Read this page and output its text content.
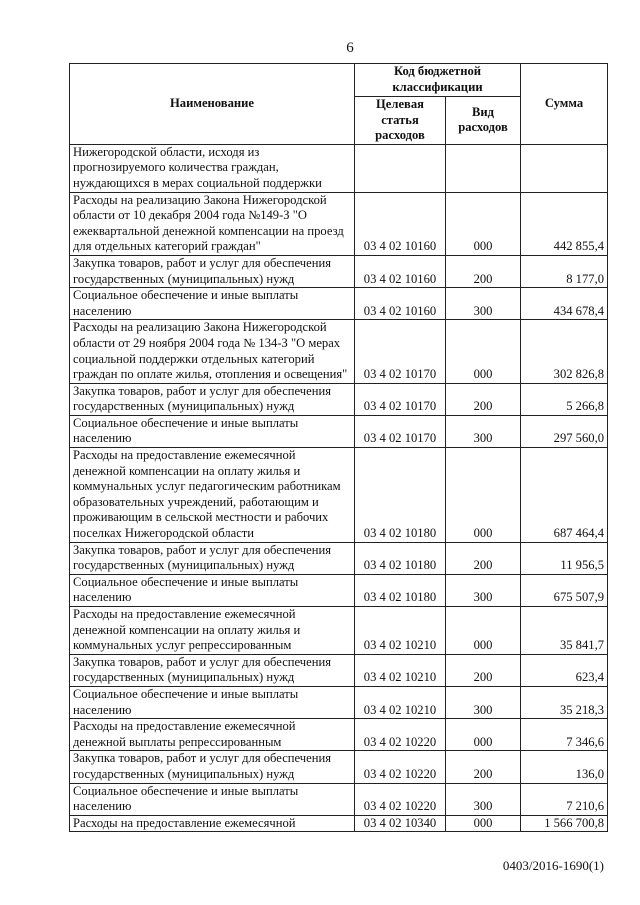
6
Наименование	Код бюджетной классификации		Сумма
	Целевая статья расходов	Вид расходов	
Нижегородской области, исходя из прогнозируемого количества граждан, нуждающихся в мерах социальной поддержки			
Расходы на реализацию Закона Нижегородской области от 10 декабря 2004 года №149-З "О ежеквартальной денежной компенсации на проезд для отдельных категорий граждан"	03 4 02 10160	000	442 855,4
Закупка товаров, работ и услуг для обеспечения государственных (муниципальных) нужд	03 4 02 10160	200	8 177,0
Социальное обеспечение и иные выплаты населению	03 4 02 10160	300	434 678,4
Расходы на реализацию Закона Нижегородской области от 29 ноября 2004 года № 134-З "О мерах социальной поддержки отдельных категорий граждан по оплате жилья, отопления и освещения"	03 4 02 10170	000	302 826,8
Закупка товаров, работ и услуг для обеспечения государственных (муниципальных) нужд	03 4 02 10170	200	5 266,8
Социальное обеспечение и иные выплаты населению	03 4 02 10170	300	297 560,0
Расходы на предоставление ежемесячной денежной компенсации на оплату жилья и коммунальных услуг педагогическим работникам образовательных учреждений, работающим и проживающим в сельской местности и рабочих поселках Нижегородской области	03 4 02 10180	000	687 464,4
Закупка товаров, работ и услуг для обеспечения государственных (муниципальных) нужд	03 4 02 10180	200	11 956,5
Социальное обеспечение и иные выплаты населению	03 4 02 10180	300	675 507,9
Расходы на предоставление ежемесячной денежной компенсации на оплату жилья и коммунальных услуг репрессированным	03 4 02 10210	000	35 841,7
Закупка товаров, работ и услуг для обеспечения государственных (муниципальных) нужд	03 4 02 10210	200	623,4
Социальное обеспечение и иные выплаты населению	03 4 02 10210	300	35 218,3
Расходы на предоставление ежемесячной денежной выплаты репрессированным	03 4 02 10220	000	7 346,6
Закупка товаров, работ и услуг для обеспечения государственных (муниципальных) нужд	03 4 02 10220	200	136,0
Социальное обеспечение и иные выплаты населению	03 4 02 10220	300	7 210,6
Расходы на предоставление ежемесячной	03 4 02 10340	000	1 566 700,8
0403/2016-1690(1)
